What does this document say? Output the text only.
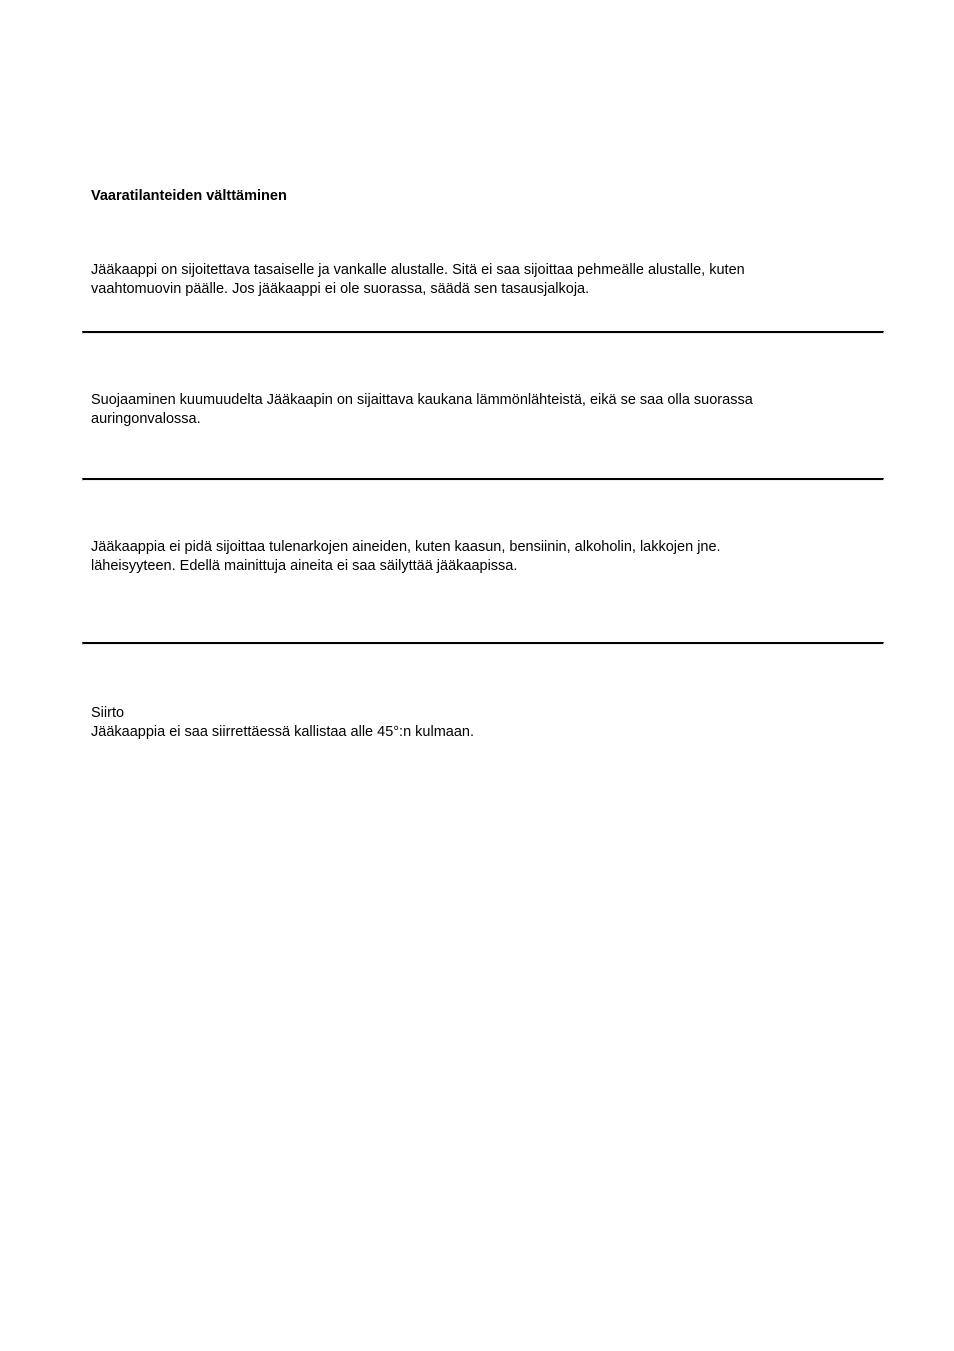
Vaaratilanteiden välttäminen

Jääkaappi on sijoitettava tasaiselle ja vankalle alustalle. Sitä ei saa sijoittaa pehmeälle alustalle, kuten
vaahtomuovin päälle. Jos jääkaappi ei ole suorassa, säädä sen tasausjalkoja.

Suojaaminen kuumuudelta Jääkaapin on sijaittava kaukana lämmönlähteistä, eikä se saa olla suorassa
auringonvalossa.

Jääkaappia ei pidä sijoittaa tulenarkojen aineiden, kuten kaasun, bensiinin, alkoholin, lakkojen jne.
läheisyyteen. Edellä mainittuja aineita ei saa säilyttää jääkaapissa.

Siirto
Jääkaappia ei saa siirrettäessä kallistaa alle 45°:n kulmaan.
